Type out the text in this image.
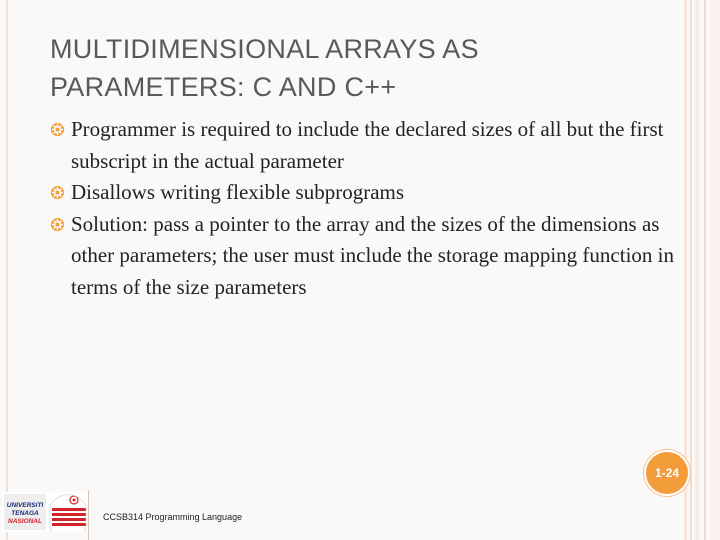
MULTIDIMENSIONAL ARRAYS AS PARAMETERS: C AND C++
Programmer is required to include the declared sizes of all but the first subscript in the actual parameter
Disallows writing flexible subprograms
Solution: pass a pointer to the array and the sizes of the dimensions as other parameters; the user must include the storage mapping function in terms of the size parameters
1-24
UNIVERSITI
TENAGA
NASIONAL	CCSB314 Programming Language
